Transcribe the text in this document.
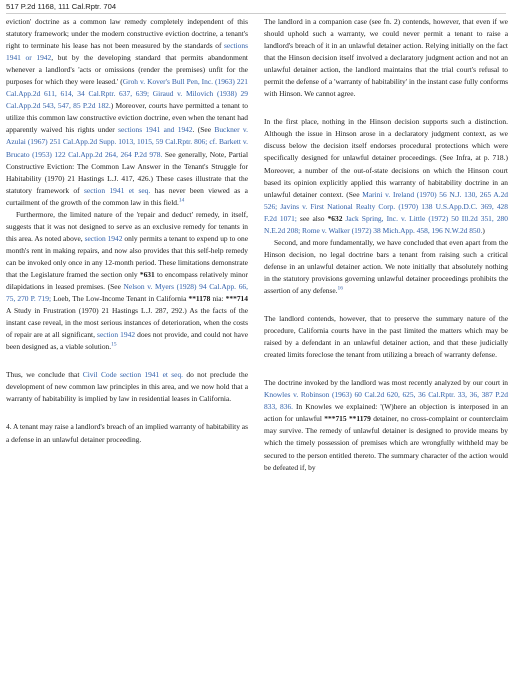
517 P.2d 1168, 111 Cal.Rptr. 704

eviction' doctrine as a common law remedy completely independent of this statutory framework; under the modern constructive eviction doctrine, a tenant's right to terminate his lease has not been measured by the standards of sections 1941 or 1942, but by the developing standard that permits abandonment whenever a landlord's 'acts or omissions (render the premises) unfit for the purposes for which they were leased.' (Groh v. Kover's Bull Pen, Inc. (1963) 221 Cal.App.2d 611, 614, 34 Cal.Rptr. 637, 639; Giraud v. Milovich (1938) 29 Cal.App.2d 543, 547, 85 P.2d 182.) Moreover, courts have permitted a tenant to utilize this common law constructive eviction doctrine, even when the tenant had apparently waived his rights under sections 1941 and 1942. (See Buckner v. Azulai (1967) 251 Cal.App.2d Supp. 1013, 1015, 59 Cal.Rptr. 806; cf. Barkett v. Brucato (1953) 122 Cal.App.2d 264, 264 P.2d 978. See generally, Note, Partial Constructive Eviction: The Common Law Answer in the Tenant's Struggle for Habitability (1970) 21 Hastings L.J. 417, 426.) These cases illustrate that the statutory framework of section 1941 et seq. has never been viewed as a curtailment of the growth of the common law in this field.$^{14}$

Furthermore, the limited nature of the 'repair and deduct' remedy, in itself, suggests that it was not designed to serve as an exclusive remedy for tenants in this area. As noted above, section 1942 only permits a tenant to expend up to one month's rent in making repairs, and now also provides that this self-help remedy can be invoked only once in any 12-month period. These limitations demonstrate that the Legislature framed the section only *631 to encompass relatively minor dilapidations in leased premises. (See Nelson v. Myers (1928) 94 Cal.App. 66, 75, 270 P. 719; Loeb, The Low-Income Tenant in California **1178 nia: ***714 A Study in Frustration (1970) 21 Hastings L.J. 287, 292.) As the facts of the instant case reveal, in the most serious instances of deterioration, when the costs of repair are at all significant, section 1942 does not provide, and could not have been designed as, a viable solution.$^{15}$

Thus, we conclude that Civil Code section 1941 et seq. do not preclude the development of new common law principles in this area, and we now hold that a warranty of habitability is implied by law in residential leases in California.

4. A tenant may raise a landlord's breach of an implied warranty of habitability as a defense in an unlawful detainer proceeding.

The landlord in a companion case (see fn. 2) contends, however, that even if we should uphold such a warranty, we could never permit a tenant to raise a landlord's breach of it in an unlawful detainer action. Relying initially on the fact that the Hinson decision itself involved a declaratory judgment action and not an unlawful detainer action, the landlord maintains that the trial court's refusal to permit the defense of a 'warranty of habitability' in the instant case fully conforms with Hinson. We cannot agree.

In the first place, nothing in the Hinson decision supports such a distinction. Although the issue in Hinson arose in a declaratory judgment context, as we discuss below the decision itself endorses procedural protections which were specifically designed for unlawful detainer proceedings. (See Infra, at p. 718.) Moreover, a number of the out-of-state decisions on which the Hinson court based its opinion explicitly applied this warranty of habitability doctrine in an unlawful detainer context. (See Marini v. Ireland (1970) 56 N.J. 130, 265 A.2d 526; Javins v. First National Realty Corp. (1970) 138 U.S.App.D.C. 369, 428 F.2d 1071; see also *632 Jack Spring, Inc. v. Little (1972) 50 Ill.2d 351, 280 N.E.2d 208; Rome v. Walker (1972) 38 Mich.App. 458, 196 N.W.2d 850.)

Second, and more fundamentally, we have concluded that even apart from the Hinson decision, no legal doctrine bars a tenant from raising such a critical defense in an unlawful detainer action. We note initially that absolutely nothing in the statutory provisions governing unlawful detainer proceedings prohibits the assertion of any defense.$^{16}$

The landlord contends, however, that to preserve the summary nature of the procedure, California courts have in the past limited the matters which may be raised by a defendant in an unlawful detainer action, and that these judicially created limits foreclose the tenant from utilizing a breach of warranty defense.

The doctrine invoked by the landlord was most recently analyzed by our court in Knowles v. Robinson (1963) 60 Cal.2d 620, 625, 36 Cal.Rptr. 33, 36, 387 P.2d 833, 836. In Knowles we explained: '(W)here an objection is interposed in an action for unlawful ***715 **1179 detainer, no cross-complaint or counterclaim may survive. The remedy of unlawful detainer is designed to provide means by which the timely possession of premises which are wrongfully withheld may be secured to the person entitled thereto. The summary character of the action would be defeated if, by
